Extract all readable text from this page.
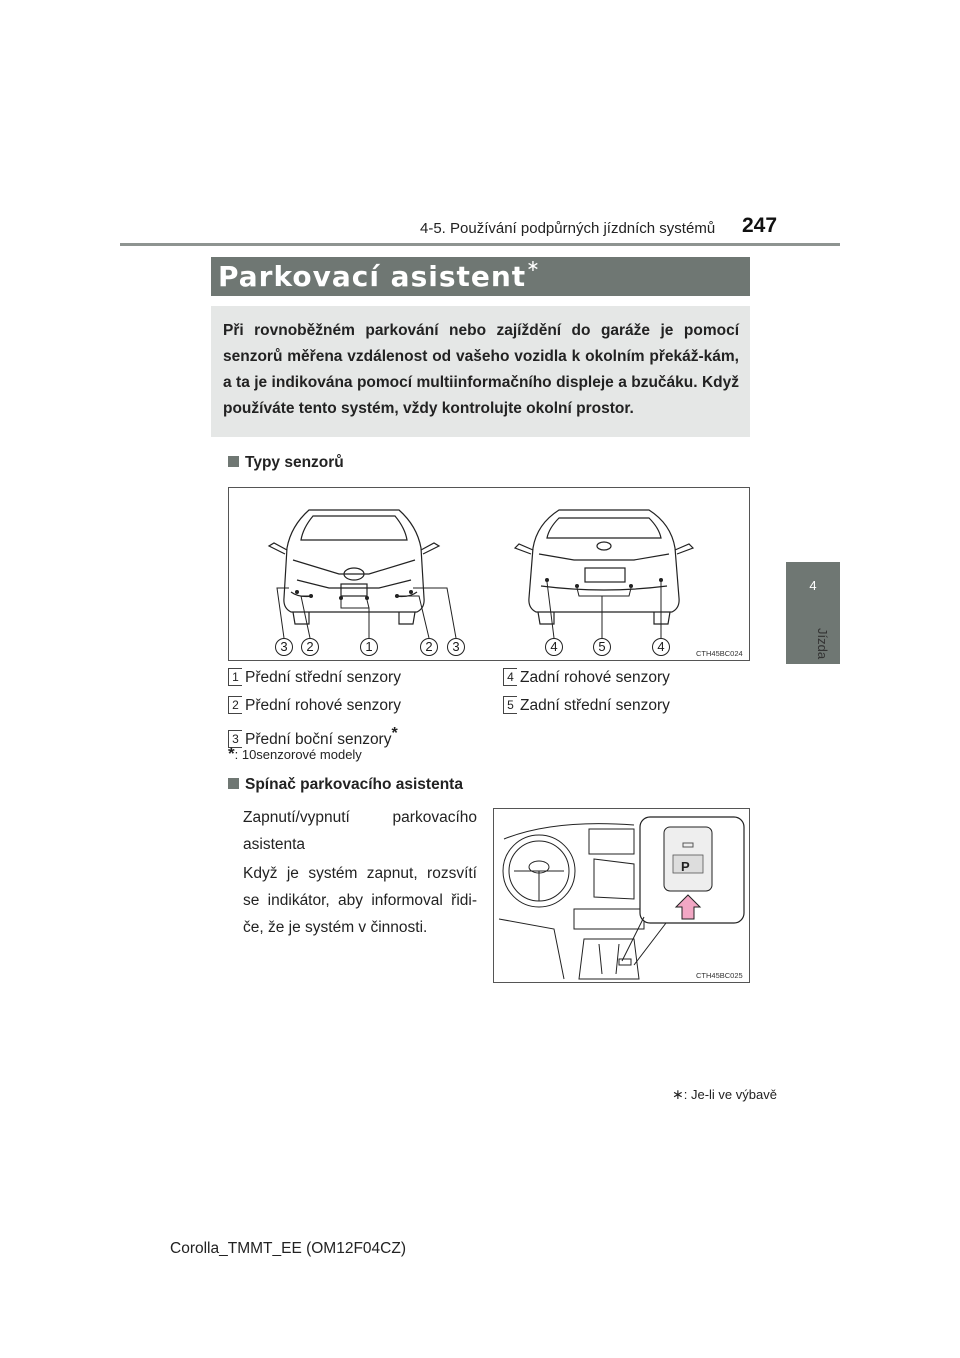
4-5. Používání podpůrných jízdních systémů 247
4
Jízda
Parkovací asistent∗
Při rovnoběžném parkování nebo zajíždění do garáže je pomocí senzorů měřena vzdálenost od vašeho vozidla k okolním překáž-kám, a ta je indikována pomocí multiinformačního displeje a bzučáku. Když používáte tento systém, vždy kontrolujte okolní prostor.
Typy senzorů
3	2	1	2	3	4	5	4	CTH45BC024
1 Přední střední senzory
2 Přední rohové senzory
3 Přední boční senzory*
4 Zadní rohové senzory
5 Zadní střední senzory
*: 10senzorové modely
Spínač parkovacího asistenta
Zapnutí/vypnutí parkovacího asistenta
Když je systém zapnut, rozsvítí se indikátor, aby informoval řidi-če, že je systém v činnosti.
P
CTH45BC025
∗: Je-li ve výbavě
Corolla_TMMT_EE (OM12F04CZ)
